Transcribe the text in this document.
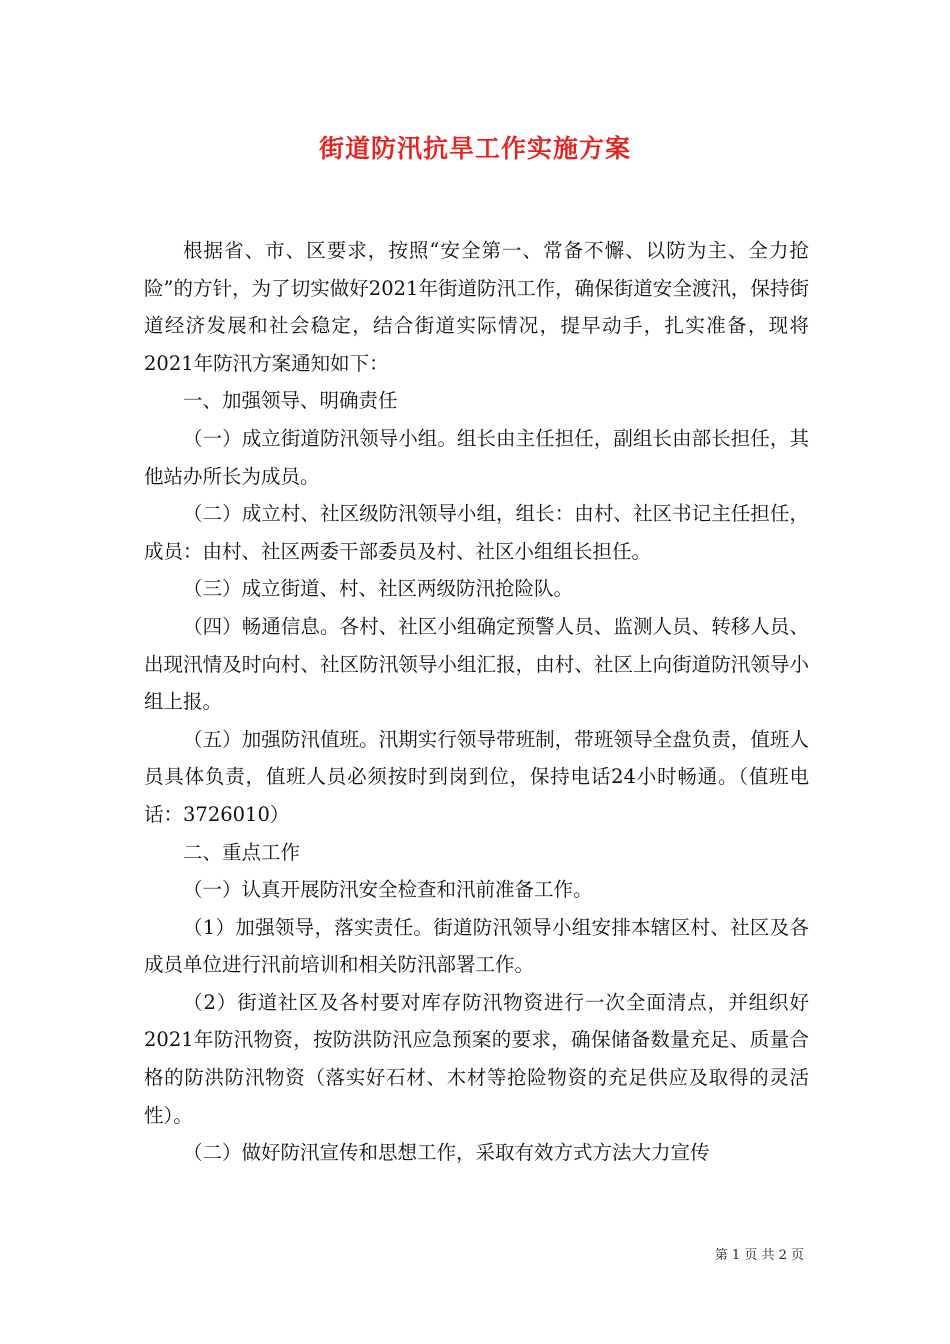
街道防汛抗旱工作实施方案

根据省、市、区要求，按照“安全第一、常备不懈、以防为主、全力抢险”的方针，为了切实做好2021年街道防汛工作，确保街道安全渡汛，保持街道经济发展和社会稳定，结合街道实际情况，提早动手，扎实准备，现将2021年防汛方案通知如下：

一、加强领导、明确责任

（一）成立街道防汛领导小组。组长由主任担任，副组长由部长担任，其他站办所长为成员。

（二）成立村、社区级防汛领导小组，组长：由村、社区书记主任担任，成员：由村、社区两委干部委员及村、社区小组组长担任。

（三）成立街道、村、社区两级防汛抢险队。

（四）畅通信息。各村、社区小组确定预警人员、监测人员、转移人员、出现汛情及时向村、社区防汛领导小组汇报，由村、社区上向街道防汛领导小组上报。

（五）加强防汛值班。汛期实行领导带班制，带班领导全盘负责，值班人员具体负责，值班人员必须按时到岗到位，保持电话24小时畅通。（值班电话：3726010）

二、重点工作

（一）认真开展防汛安全检查和汛前准备工作。

（1）加强领导，落实责任。街道防汛领导小组安排本辖区村、社区及各成员单位进行汛前培训和相关防汛部署工作。

（2）街道社区及各村要对库存防汛物资进行一次全面清点，并组织好2021年防汛物资，按防洪防汛应急预案的要求，确保储备数量充足、质量合格的防洪防汛物资（落实好石材、木材等抢险物资的充足供应及取得的灵活性）。

（二）做好防汛宣传和思想工作，采取有效方式方法大力宣传

第 1 页 共 2 页
